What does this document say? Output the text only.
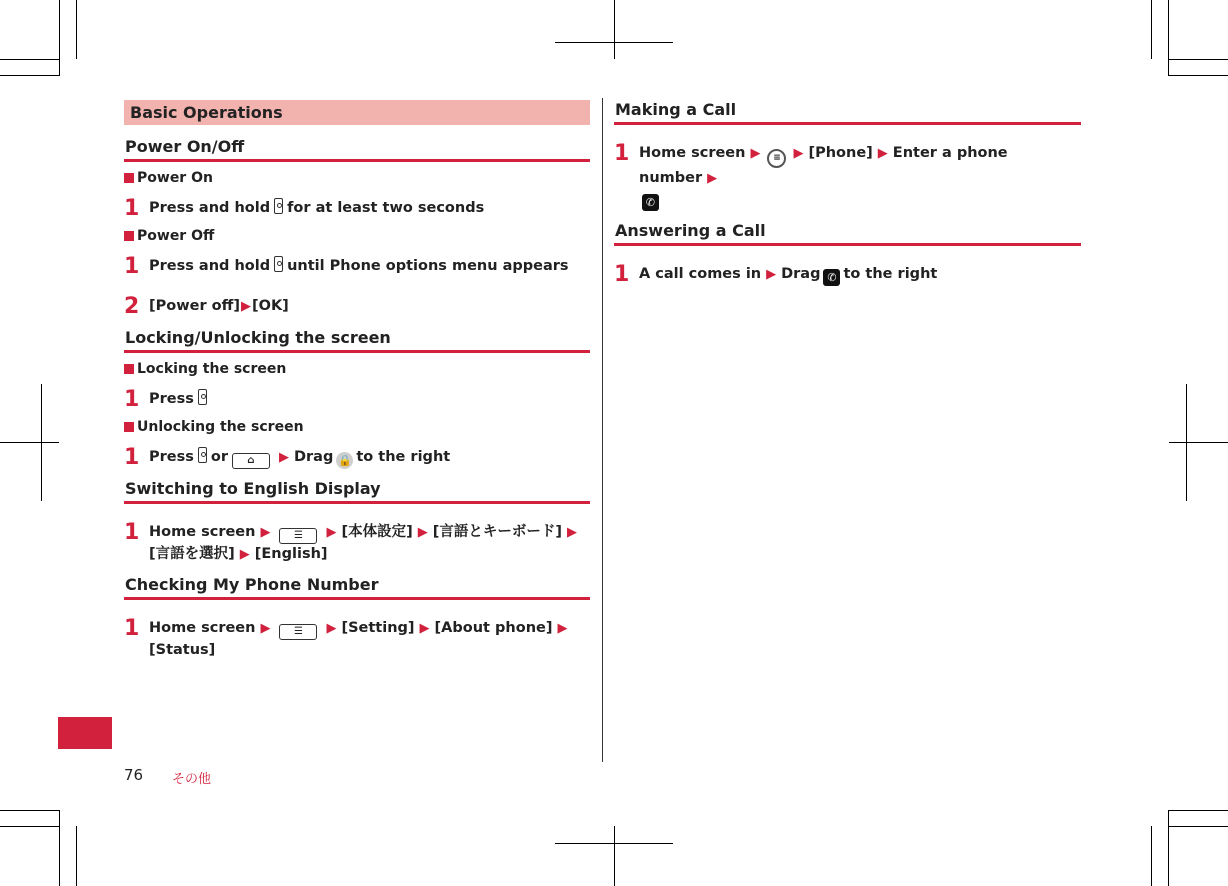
Basic Operations
Power On/Off
Power On
1 Press and hold for at least two seconds
Power Off
1 Press and hold until Phone options menu appears
2 [Power off]▶[OK]
Locking/Unlocking the screen
Locking the screen
1 Press
Unlocking the screen
1 Press or ⌂ ▶ Drag 🔒 to the right
Switching to English Display
1 Home screen ▶ ☰ ▶ [本体設定] ▶ [言語とキーボード] ▶
[言語を選択] ▶ [English]
Checking My Phone Number
1 Home screen ▶ ☰ ▶ [Setting] ▶ [About phone] ▶
[Status]
Making a Call
1 Home screen ▶ ≡ ▶ [Phone] ▶ Enter a phone number ▶
✆
Answering a Call
1 A call comes in ▶ Drag ✆ to the right
76 その他
